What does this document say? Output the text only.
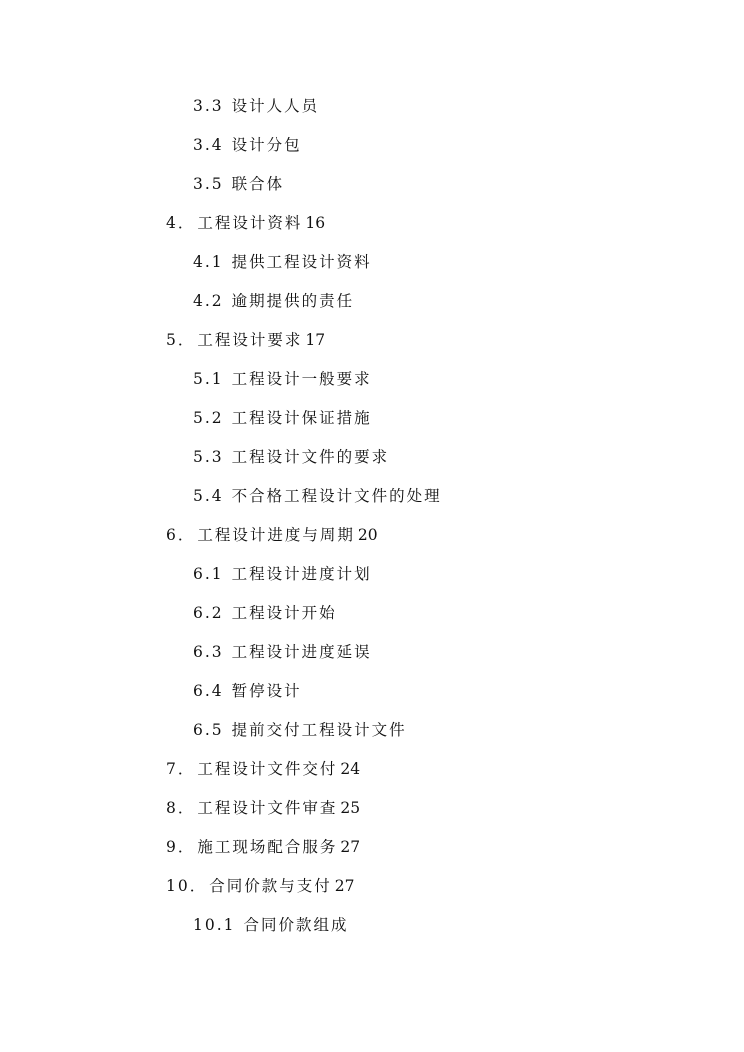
3.3 设计人人员
3.4 设计分包
3.5 联合体
4． 工程设计资料 16
4.1 提供工程设计资料
4.2 逾期提供的责任
5． 工程设计要求 17
5.1 工程设计一般要求
5.2 工程设计保证措施
5.3 工程设计文件的要求
5.4 不合格工程设计文件的处理
6． 工程设计进度与周期 20
6.1 工程设计进度计划
6.2 工程设计开始
6.3 工程设计进度延误
6.4 暂停设计
6.5 提前交付工程设计文件
7． 工程设计文件交付 24
8． 工程设计文件审查 25
9． 施工现场配合服务 27
10． 合同价款与支付 27
10.1 合同价款组成
